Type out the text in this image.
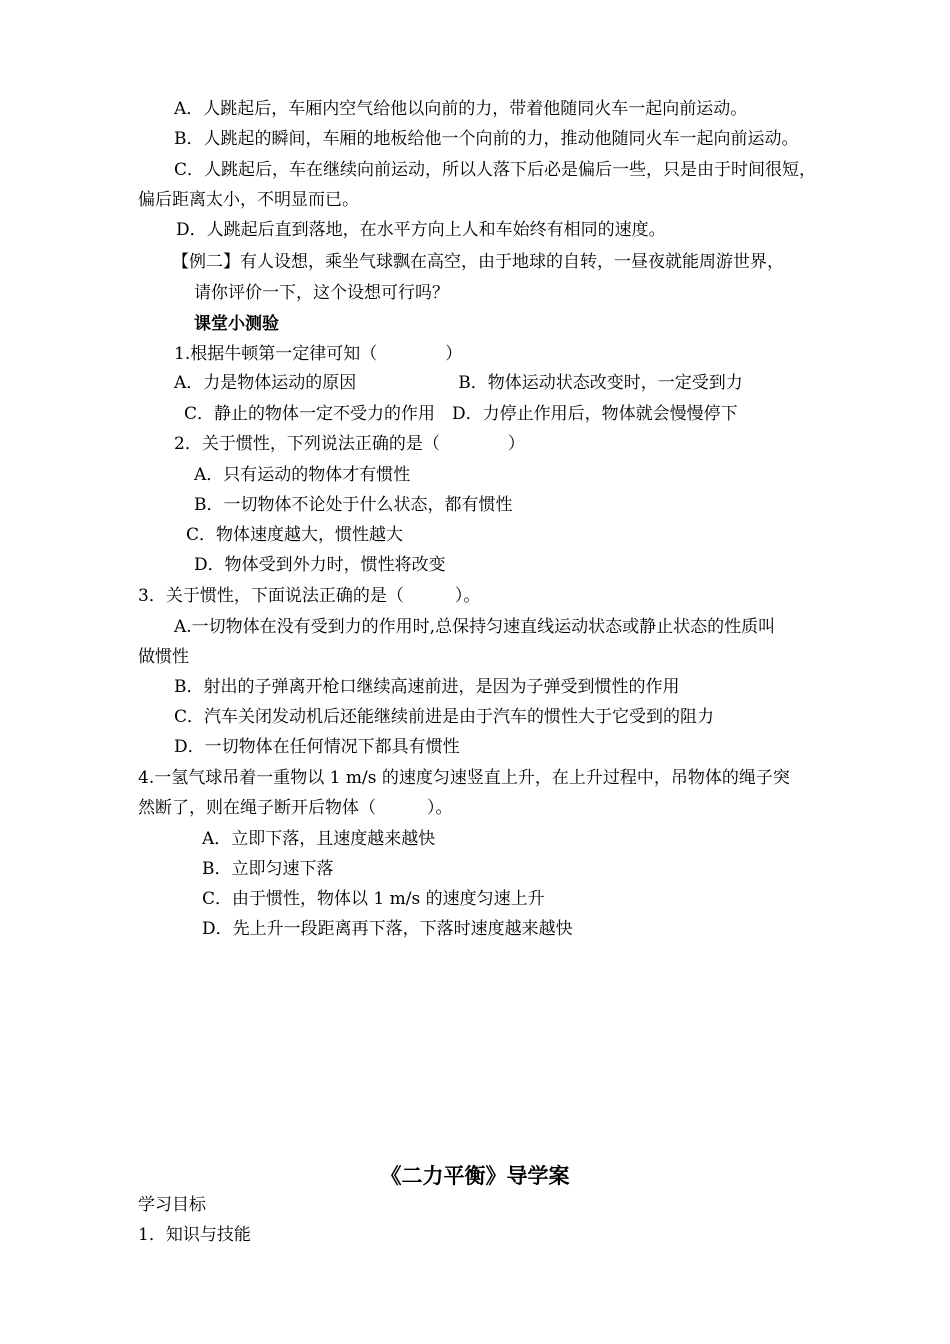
A．人跳起后，车厢内空气给他以向前的力，带着他随同火车一起向前运动。
B．人跳起的瞬间，车厢的地板给他一个向前的力，推动他随同火车一起向前运动。
C．人跳起后，车在继续向前运动，所以人落下后必是偏后一些，只是由于时间很短，
偏后距离太小，不明显而已。
D．人跳起后直到落地，在水平方向上人和车始终有相同的速度。
【例二】有人设想，乘坐气球飘在高空，由于地球的自转，一昼夜就能周游世界，
请你评价一下，这个设想可行吗？
课堂小测验
1.根据牛顿第一定律可知（　　　　）
A．力是物体运动的原因　　　　　　B．物体运动状态改变时，一定受到力
C．静止的物体一定不受力的作用　D．力停止作用后，物体就会慢慢停下
2．关于惯性，下列说法正确的是（　　　　）
A．只有运动的物体才有惯性
B．一切物体不论处于什么状态，都有惯性
C．物体速度越大，惯性越大
D．物体受到外力时，惯性将改变
3．关于惯性，下面说法正确的是（　　　）。
A.一切物体在没有受到力的作用时,总保持匀速直线运动状态或静止状态的性质叫
做惯性
B．射出的子弹离开枪口继续高速前进，是因为子弹受到惯性的作用
C．汽车关闭发动机后还能继续前进是由于汽车的惯性大于它受到的阻力
D．一切物体在任何情况下都具有惯性
4.一氢气球吊着一重物以 1 m/s 的速度匀速竖直上升，在上升过程中，吊物体的绳子突
然断了，则在绳子断开后物体（　　　）。
A．立即下落，且速度越来越快
B．立即匀速下落
C．由于惯性，物体以 1 m/s 的速度匀速上升
D．先上升一段距离再下落，下落时速度越来越快
《二力平衡》导学案
学习目标
1．知识与技能
